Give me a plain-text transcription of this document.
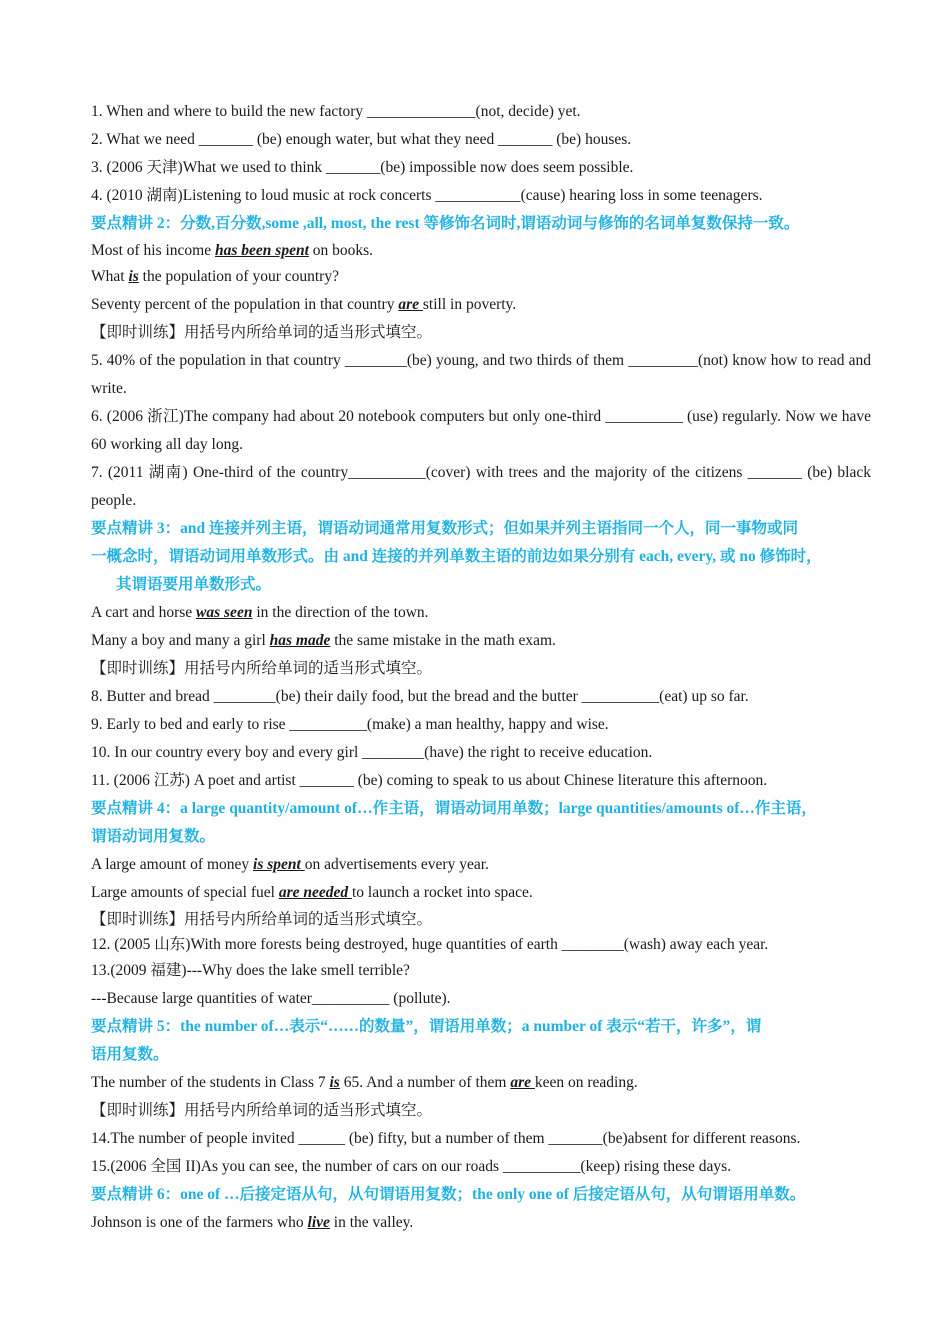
1. When and where to build the new factory ______________(not, decide) yet.
2. What we need _______ (be) enough water, but what they need _______ (be) houses.
3. (2006 天津)What we used to think _______(be) impossible now does seem possible.
4. (2010 湖南)Listening to loud music at rock concerts ___________(cause) hearing loss in some teenagers.
要点精讲 2：分数,百分数,some ,all, most, the rest 等修饰名词时,谓语动词与修饰的名词单复数保持一致。
Most of his income has been spent on books.
What is the population of your country?
Seventy percent of the population in that country are still in poverty.
【即时训练】用括号内所给单词的适当形式填空。
5. 40% of the population in that country ________(be) young, and two thirds of them _________(not) know how to read and write.
6. (2006 浙江)The company had about 20 notebook computers but only one-third __________ (use) regularly. Now we have 60 working all day long.
7. (2011 湖南) One-third of the country__________(cover) with trees and the majority of the citizens _______ (be) black people.
要点精讲 3：and 连接并列主语，谓语动词通常用复数形式；但如果并列主语指同一个人，同一事物或同
一概念时，谓语动词用单数形式。由 and 连接的并列单数主语的前边如果分别有 each, every, 或 no 修饰时，
其谓语要用单数形式。
A cart and horse was seen in the direction of the town.
Many a boy and many a girl has made the same mistake in the math exam.
【即时训练】用括号内所给单词的适当形式填空。
8. Butter and bread ________(be) their daily food, but the bread and the butter __________(eat) up so far.
9. Early to bed and early to rise __________(make) a man healthy, happy and wise.
10. In our country every boy and every girl ________(have) the right to receive education.
11. (2006 江苏) A poet and artist _______ (be) coming to speak to us about Chinese literature this afternoon.
要点精讲 4：a large quantity/amount of…作主语，谓语动词用单数；large quantities/amounts of…作主语，
谓语动词用复数。
A large amount of money is spent on advertisements every year.
Large amounts of special fuel are needed to launch a rocket into space.
【即时训练】用括号内所给单词的适当形式填空。
12. (2005 山东)With more forests being destroyed, huge quantities of earth ________(wash) away each year.
13.(2009 福建)---Why does the lake smell terrible?
---Because large quantities of water__________ (pollute).
要点精讲 5：the number of…表示“……的数量”，谓语用单数；a number of 表示“若干，许多”，谓
语用复数。
The number of the students in Class 7 is 65. And a number of them are keen on reading.
【即时训练】用括号内所给单词的适当形式填空。
14.The number of people invited ______ (be) fifty, but a number of them _______(be)absent for different reasons.
15.(2006 全国 II)As you can see, the number of cars on our roads __________(keep) rising these days.
要点精讲 6：one of …后接定语从句，从句谓语用复数；the only one of 后接定语从句，从句谓语用单数。
Johnson is one of the farmers who live in the valley.
